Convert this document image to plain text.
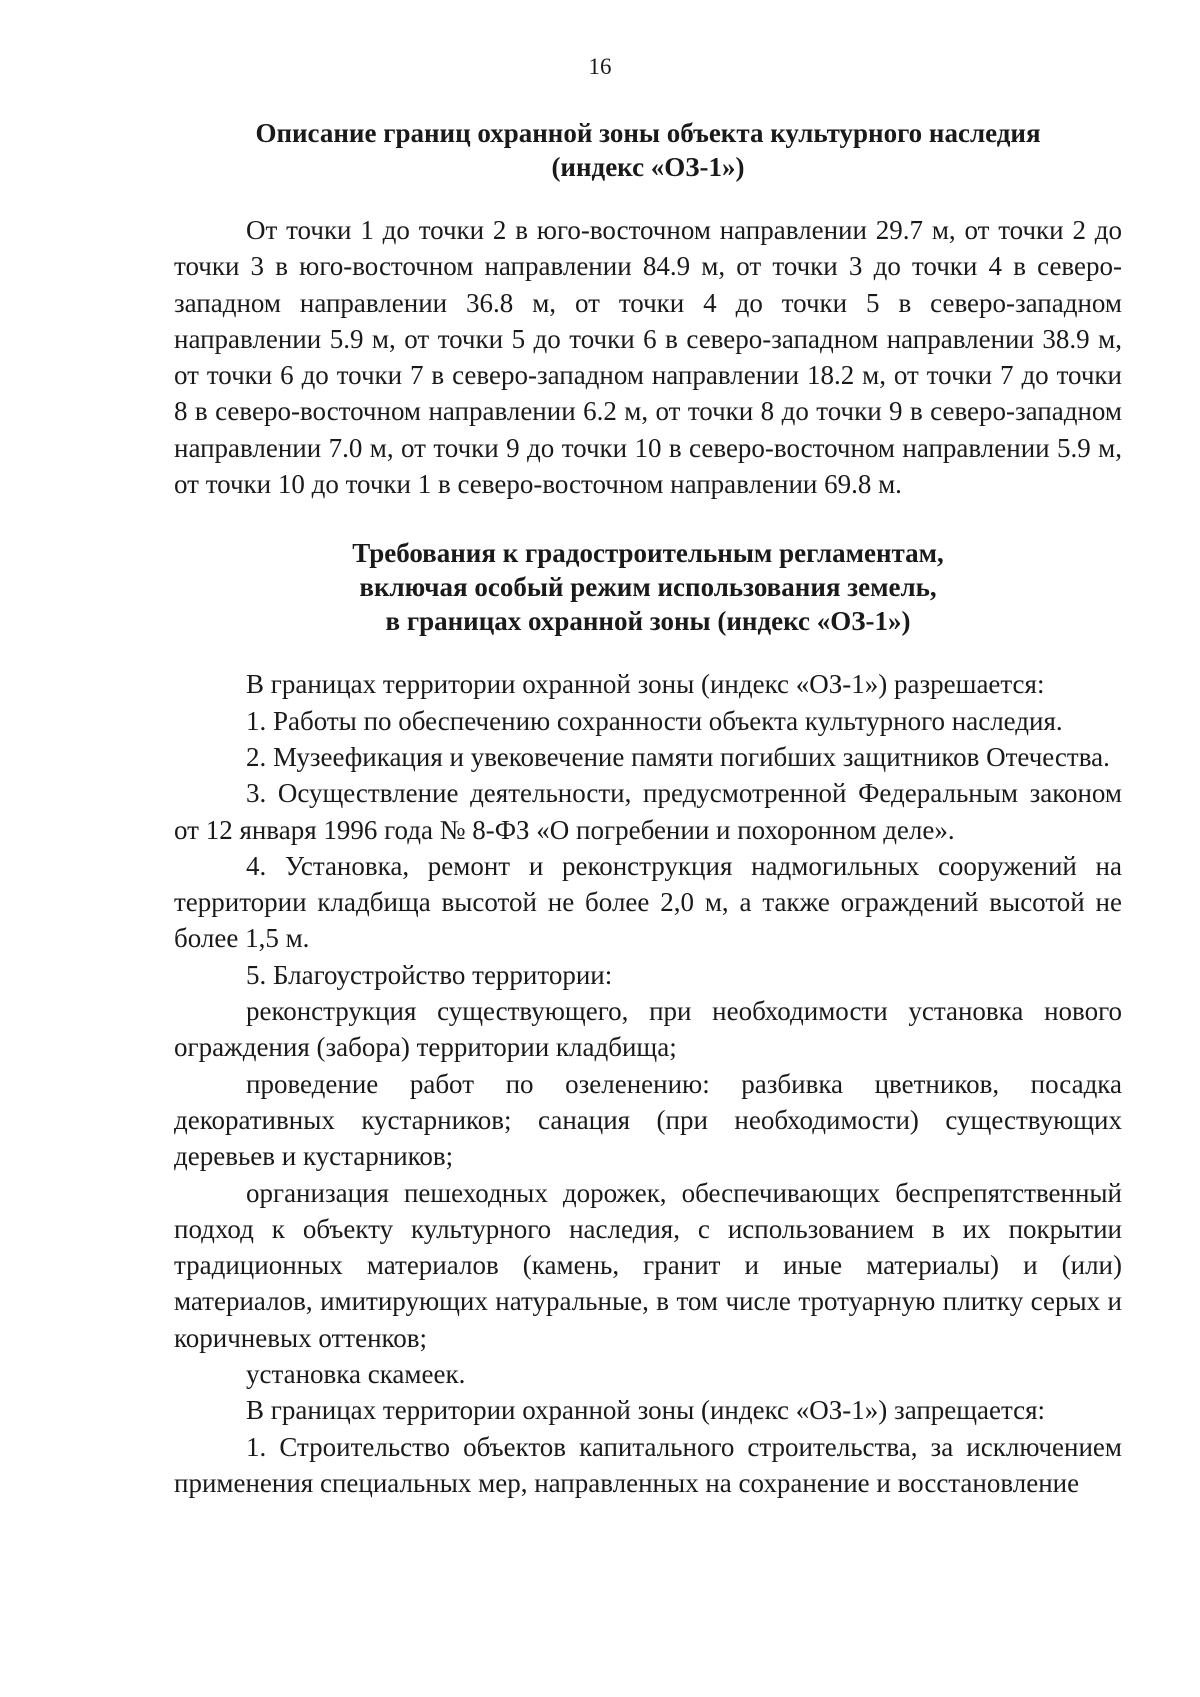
16
Описание границ охранной зоны объекта культурного наследия
(индекс «ОЗ-1»)

От точки 1 до точки 2 в юго-восточном направлении 29.7 м, от точки 2 до точки 3 в юго-восточном направлении 84.9 м, от точки 3 до точки 4 в северо-западном направлении 36.8 м, от точки 4 до точки 5 в северо-западном направлении 5.9 м, от точки 5 до точки 6 в северо-западном направлении 38.9 м, от точки 6 до точки 7 в северо-западном направлении 18.2 м, от точки 7 до точки 8 в северо-восточном направлении 6.2 м, от точки 8 до точки 9 в северо-западном направлении 7.0 м, от точки 9 до точки 10 в северо-восточном направлении 5.9 м, от точки 10 до точки 1 в северо-восточном направлении 69.8 м.

Требования к градостроительным регламентам,
включая особый режим использования земель,
в границах охранной зоны (индекс «ОЗ-1»)

В границах территории охранной зоны (индекс «ОЗ-1») разрешается:

1. Работы по обеспечению сохранности объекта культурного наследия.

2. Музеефикация и увековечение памяти погибших защитников Отечества.

3. Осуществление деятельности, предусмотренной Федеральным законом от 12 января 1996 года № 8-ФЗ «О погребении и похоронном деле».

4. Установка, ремонт и реконструкция надмогильных сооружений на территории кладбища высотой не более 2,0 м, а также ограждений высотой не более 1,5 м.

5. Благоустройство территории:

реконструкция существующего, при необходимости установка нового ограждения (забора) территории кладбища;

проведение работ по озеленению: разбивка цветников, посадка декоративных кустарников; санация (при необходимости) существующих деревьев и кустарников;

организация пешеходных дорожек, обеспечивающих беспрепятственный подход к объекту культурного наследия, с использованием в их покрытии традиционных материалов (камень, гранит и иные материалы) и (или) материалов, имитирующих натуральные, в том числе тротуарную плитку серых и коричневых оттенков;

установка скамеек.

В границах территории охранной зоны (индекс «ОЗ-1») запрещается:

1. Строительство объектов капитального строительства, за исключением применения специальных мер, направленных на сохранение и восстановление
